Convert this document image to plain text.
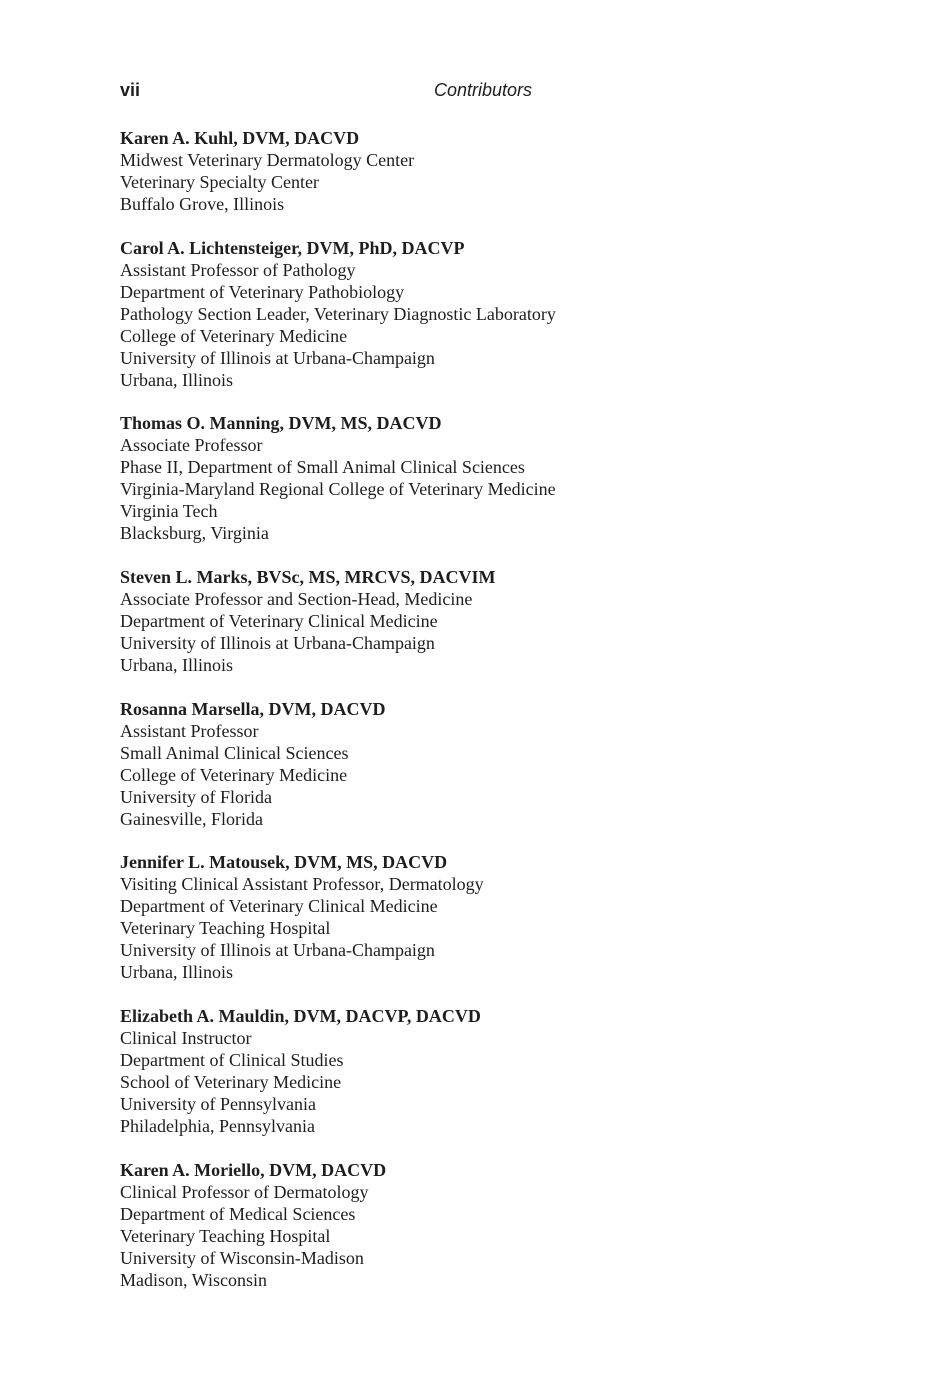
vii	Contributors
Karen A. Kuhl, DVM, DACVD
Midwest Veterinary Dermatology Center
Veterinary Specialty Center
Buffalo Grove, Illinois
Carol A. Lichtensteiger, DVM, PhD, DACVP
Assistant Professor of Pathology
Department of Veterinary Pathobiology
Pathology Section Leader, Veterinary Diagnostic Laboratory
College of Veterinary Medicine
University of Illinois at Urbana-Champaign
Urbana, Illinois
Thomas O. Manning, DVM, MS, DACVD
Associate Professor
Phase II, Department of Small Animal Clinical Sciences
Virginia-Maryland Regional College of Veterinary Medicine
Virginia Tech
Blacksburg, Virginia
Steven L. Marks, BVSc, MS, MRCVS, DACVIM
Associate Professor and Section-Head, Medicine
Department of Veterinary Clinical Medicine
University of Illinois at Urbana-Champaign
Urbana, Illinois
Rosanna Marsella, DVM, DACVD
Assistant Professor
Small Animal Clinical Sciences
College of Veterinary Medicine
University of Florida
Gainesville, Florida
Jennifer L. Matousek, DVM, MS, DACVD
Visiting Clinical Assistant Professor, Dermatology
Department of Veterinary Clinical Medicine
Veterinary Teaching Hospital
University of Illinois at Urbana-Champaign
Urbana, Illinois
Elizabeth A. Mauldin, DVM, DACVP, DACVD
Clinical Instructor
Department of Clinical Studies
School of Veterinary Medicine
University of Pennsylvania
Philadelphia, Pennsylvania
Karen A. Moriello, DVM, DACVD
Clinical Professor of Dermatology
Department of Medical Sciences
Veterinary Teaching Hospital
University of Wisconsin-Madison
Madison, Wisconsin
